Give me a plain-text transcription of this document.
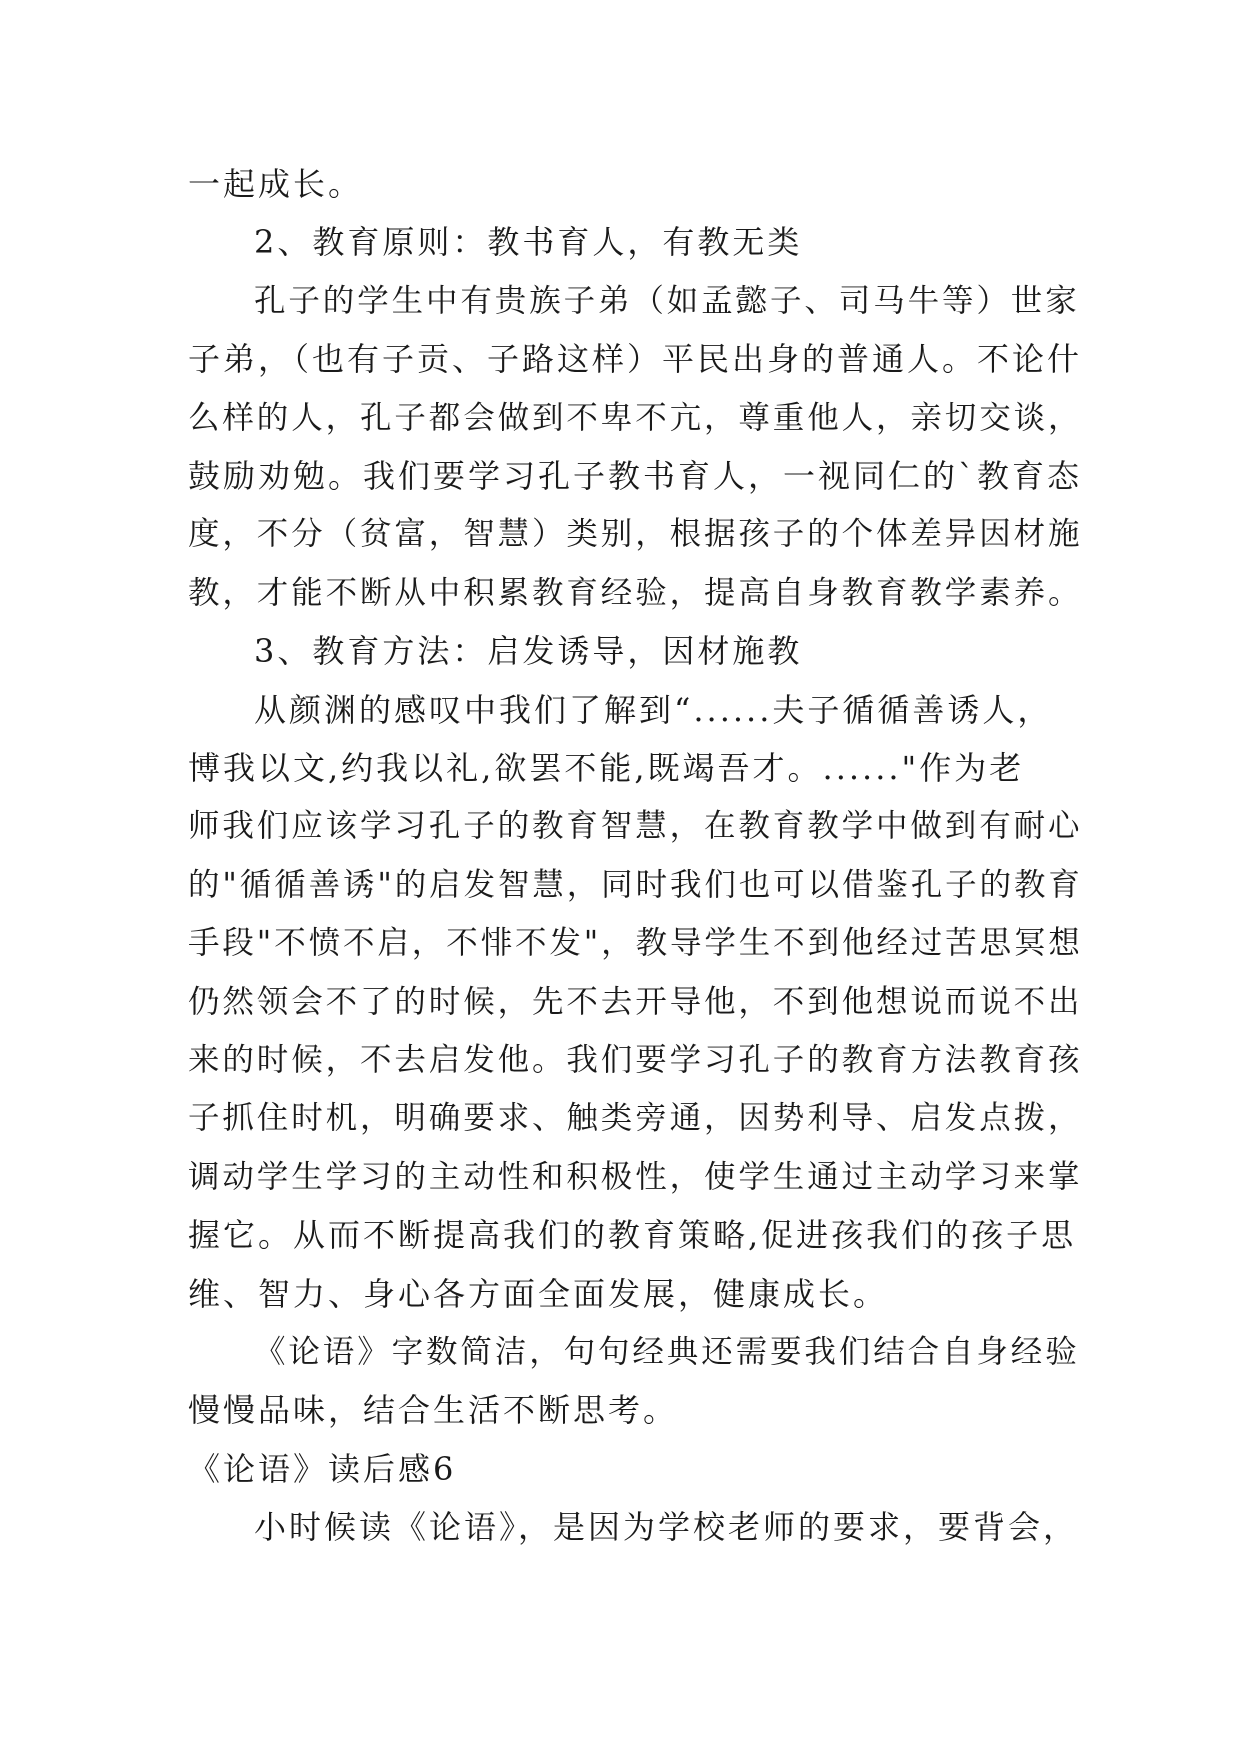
一起成长。
2、教育原则：教书育人，有教无类
孔子的学生中有贵族子弟（如孟懿子、司马牛等）世家
子弟，（也有子贡、子路这样）平民出身的普通人。不论什
么样的人，孔子都会做到不卑不亢，尊重他人，亲切交谈，
鼓励劝勉。我们要学习孔子教书育人，一视同仁的`教育态
度，不分（贫富，智慧）类别，根据孩子的个体差异因材施
教，才能不断从中积累教育经验，提高自身教育教学素养。
3、教育方法：启发诱导，因材施教
从颜渊的感叹中我们了解到“......夫子循循善诱人，
博我以文,约我以礼,欲罢不能,既竭吾才。......"作为老
师我们应该学习孔子的教育智慧，在教育教学中做到有耐心
的"循循善诱"的启发智慧，同时我们也可以借鉴孔子的教育
手段"不愤不启，不悱不发"，教导学生不到他经过苦思冥想
仍然领会不了的时候，先不去开导他，不到他想说而说不出
来的时候，不去启发他。我们要学习孔子的教育方法教育孩
子抓住时机，明确要求、触类旁通，因势利导、启发点拨，
调动学生学习的主动性和积极性，使学生通过主动学习来掌
握它。从而不断提高我们的教育策略,促进孩我们的孩子思
维、智力、身心各方面全面发展，健康成长。
《论语》字数简洁，句句经典还需要我们结合自身经验
慢慢品味，结合生活不断思考。
《论语》读后感6
小时候读《论语》，是因为学校老师的要求，要背会，
